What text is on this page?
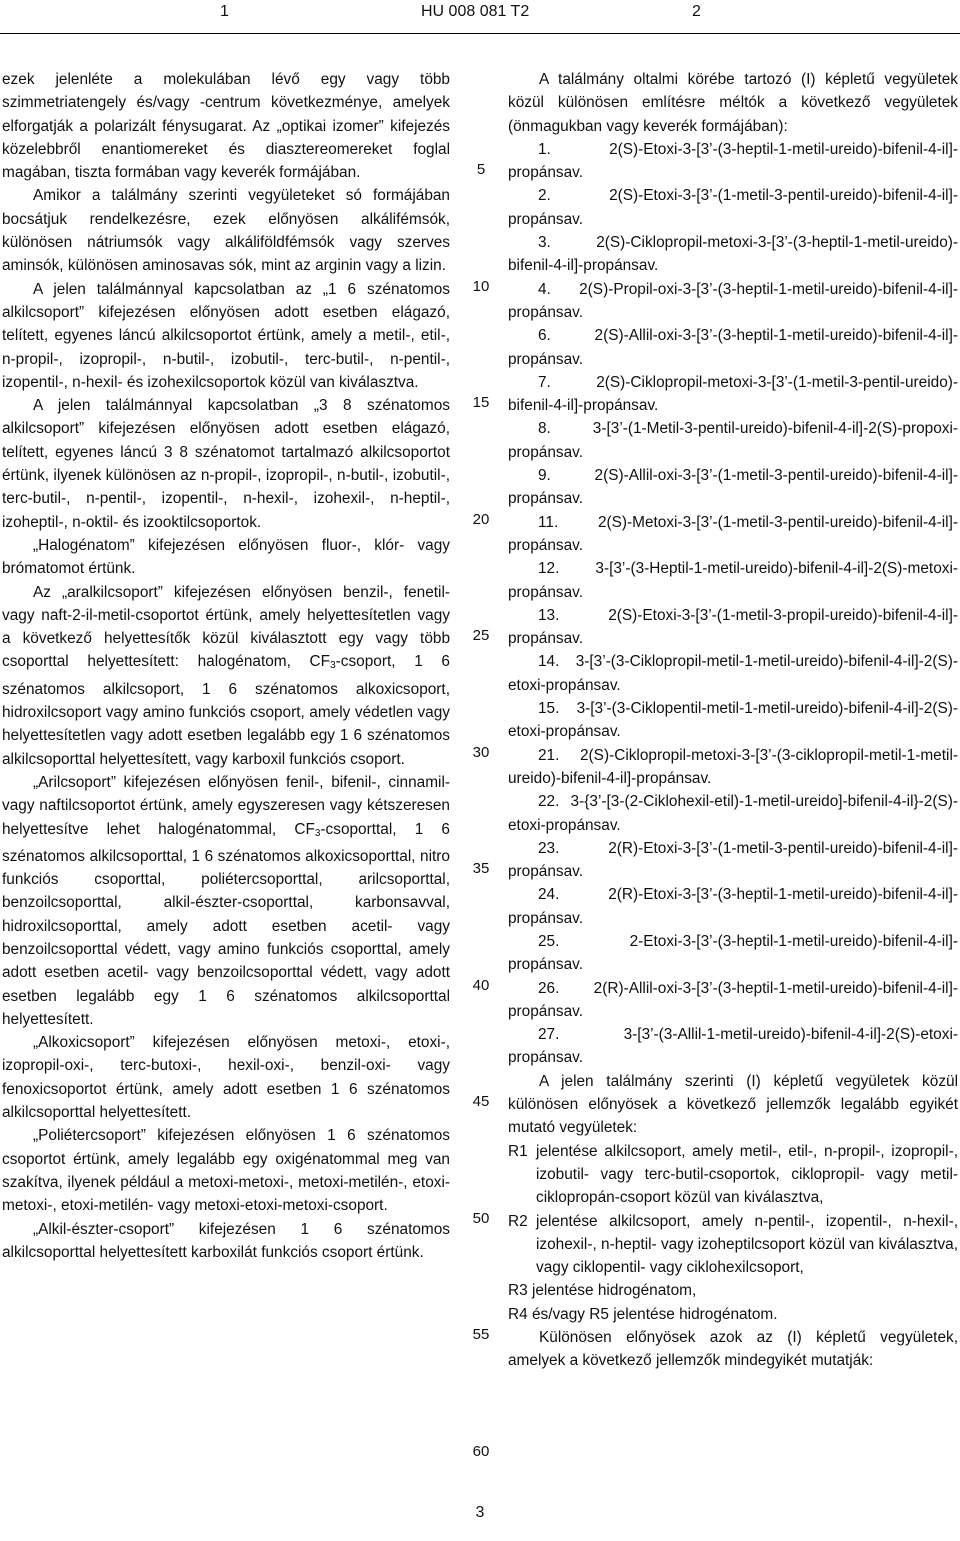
1	HU 008 081 T2	2

ezek jelenléte a molekulában lévő egy vagy több szimmetriatengely és/vagy -centrum következménye, amelyek elforgatják a polarizált fénysugarat. Az „optikai izomer” kifejezés közelebbről enantiomereket és diasztereomereket foglal magában, tiszta formában vagy keverék formájában.

Amikor a találmány szerinti vegyületeket só formájában bocsátjuk rendelkezésre, ezek előnyösen alkálifémsók, különösen nátriumsók vagy alkáliföldfémsók vagy szerves aminsók, különösen aminosavas sók, mint az arginin vagy a lizin.

A jelen találmánnyal kapcsolatban az „1 6 szénatomos alkilcsoport” kifejezésen előnyösen adott esetben elágazó, telített, egyenes láncú alkilcsoportot értünk, amely a metil-, etil-, n-propil-, izopropil-, n-butil-, izobutil-, terc-butil-, n-pentil-, izopentil-, n-hexil- és izohexilcsoportok közül van kiválasztva.

A jelen találmánnyal kapcsolatban „3 8 szénatomos alkilcsoport” kifejezésen előnyösen adott esetben elágazó, telített, egyenes láncú 3 8 szénatomot tartalmazó alkilcsoportot értünk, ilyenek különösen az n-propil-, izopropil-, n-butil-, izobutil-, terc-butil-, n-pentil-, izopentil-, n-hexil-, izohexil-, n-heptil-, izoheptil-, n-oktil- és izooktilcsoportok.

„Halogénatom” kifejezésen előnyösen fluor-, klór- vagy brómatomot értünk.

Az „aralkilcsoport” kifejezésen előnyösen benzil-, fenetil- vagy naft-2-il-metil-csoportot értünk, amely helyettesítetlen vagy a következő helyettesítők közül kiválasztott egy vagy több csoporttal helyettesített: halogénatom, $CF_3$-csoport, 1 6 szénatomos alkilcsoport, 1 6 szénatomos alkoxicsoport, hidroxilcsoport vagy amino funkciós csoport, amely védetlen vagy helyettesítetlen vagy adott esetben legalább egy 1 6 szénatomos alkilcsoporttal helyettesített, vagy karboxil funkciós csoport.

„Arilcsoport” kifejezésen előnyösen fenil-, bifenil-, cinnamil- vagy naftilcsoportot értünk, amely egyszeresen vagy kétszeresen helyettesítve lehet halogénatommal, $CF_3$-csoporttal, 1 6 szénatomos alkilcsoporttal, 1 6 szénatomos alkoxicsoporttal, nitro funkciós csoporttal, poliétercsoporttal, arilcsoporttal, benzoilcsoporttal, alkil-észter-csoporttal, karbonsavval, hidroxilcsoporttal, amely adott esetben acetil- vagy benzoilcsoporttal védett, vagy amino funkciós csoporttal, amely adott esetben acetil- vagy benzoilcsoporttal védett, vagy adott esetben legalább egy 1 6 szénatomos alkilcsoporttal helyettesített.

„Alkoxicsoport” kifejezésen előnyösen metoxi-, etoxi-, izopropil-oxi-, terc-butoxi-, hexil-oxi-, benzil-oxi- vagy fenoxicsoportot értünk, amely adott esetben 1 6 szénatomos alkilcsoporttal helyettesített.

„Poliétercsoport” kifejezésen előnyösen 1 6 szénatomos csoportot értünk, amely legalább egy oxigénatommal meg van szakítva, ilyenek például a metoxi-metoxi-, metoxi-metilén-, etoxi-metoxi-, etoxi-metilén- vagy metoxi-etoxi-metoxi-csoport.

„Alkil-észter-csoport” kifejezésen 1 6 szénatomos alkilcsoporttal helyettesített karboxilát funkciós csoport értünk.

A találmány oltalmi körébe tartozó (I) képletű vegyületek közül különösen említésre méltók a következő vegyületek (önmagukban vagy keverék formájában):

1. 2(S)-Etoxi-3-[3’-(3-heptil-1-metil-ureido)-bifenil-4-il]-propánsav.

2. 2(S)-Etoxi-3-[3’-(1-metil-3-pentil-ureido)-bifenil-4-il]-propánsav.

3. 2(S)-Ciklopropil-metoxi-3-[3’-(3-heptil-1-metil-ureido)-bifenil-4-il]-propánsav.

4. 2(S)-Propil-oxi-3-[3’-(3-heptil-1-metil-ureido)-bifenil-4-il]-propánsav.

6. 2(S)-Allil-oxi-3-[3’-(3-heptil-1-metil-ureido)-bifenil-4-il]-propánsav.

7. 2(S)-Ciklopropil-metoxi-3-[3’-(1-metil-3-pentil-ureido)-bifenil-4-il]-propánsav.

8. 3-[3’-(1-Metil-3-pentil-ureido)-bifenil-4-il]-2(S)-propoxi-propánsav.

9. 2(S)-Allil-oxi-3-[3’-(1-metil-3-pentil-ureido)-bifenil-4-il]-propánsav.

11. 2(S)-Metoxi-3-[3’-(1-metil-3-pentil-ureido)-bifenil-4-il]-propánsav.

12. 3-[3’-(3-Heptil-1-metil-ureido)-bifenil-4-il]-2(S)-metoxi-propánsav.

13. 2(S)-Etoxi-3-[3’-(1-metil-3-propil-ureido)-bifenil-4-il]-propánsav.

14. 3-[3’-(3-Ciklopropil-metil-1-metil-ureido)-bifenil-4-il]-2(S)-etoxi-propánsav.

15. 3-[3’-(3-Ciklopentil-metil-1-metil-ureido)-bifenil-4-il]-2(S)-etoxi-propánsav.

21. 2(S)-Ciklopropil-metoxi-3-[3’-(3-ciklopropil-metil-1-metil-ureido)-bifenil-4-il]-propánsav.

22. 3-{3’-[3-(2-Ciklohexil-etil)-1-metil-ureido]-bifenil-4-il}-2(S)-etoxi-propánsav.

23. 2(R)-Etoxi-3-[3’-(1-metil-3-pentil-ureido)-bifenil-4-il]-propánsav.

24. 2(R)-Etoxi-3-[3’-(3-heptil-1-metil-ureido)-bifenil-4-il]-propánsav.

25. 2-Etoxi-3-[3’-(3-heptil-1-metil-ureido)-bifenil-4-il]-propánsav.

26. 2(R)-Allil-oxi-3-[3’-(3-heptil-1-metil-ureido)-bifenil-4-il]-propánsav.

27. 3-[3’-(3-Allil-1-metil-ureido)-bifenil-4-il]-2(S)-etoxi-propánsav.

A jelen találmány szerinti (I) képletű vegyületek közül különösen előnyösek a következő jellemzők legalább egyikét mutató vegyületek:

R1 jelentése alkilcsoport, amely metil-, etil-, n-propil-, izopropil-, izobutil- vagy terc-butil-csoportok, ciklopropil- vagy metil-ciklopropán-csoport közül van kiválasztva,
R2 jelentése alkilcsoport, amely n-pentil-, izopentil-, n-hexil-, izohexil-, n-heptil- vagy izoheptilcsoport közül van kiválasztva, vagy ciklopentil- vagy ciklohexilcsoport,

R3 jelentése hidrogénatom,

R4 és/vagy R5 jelentése hidrogénatom.

Különösen előnyösek azok az (I) képletű vegyületek, amelyek a következő jellemzők mindegyikét mutatják:

5
10
15
20
25
30
35
40
45
50
55
60
3
